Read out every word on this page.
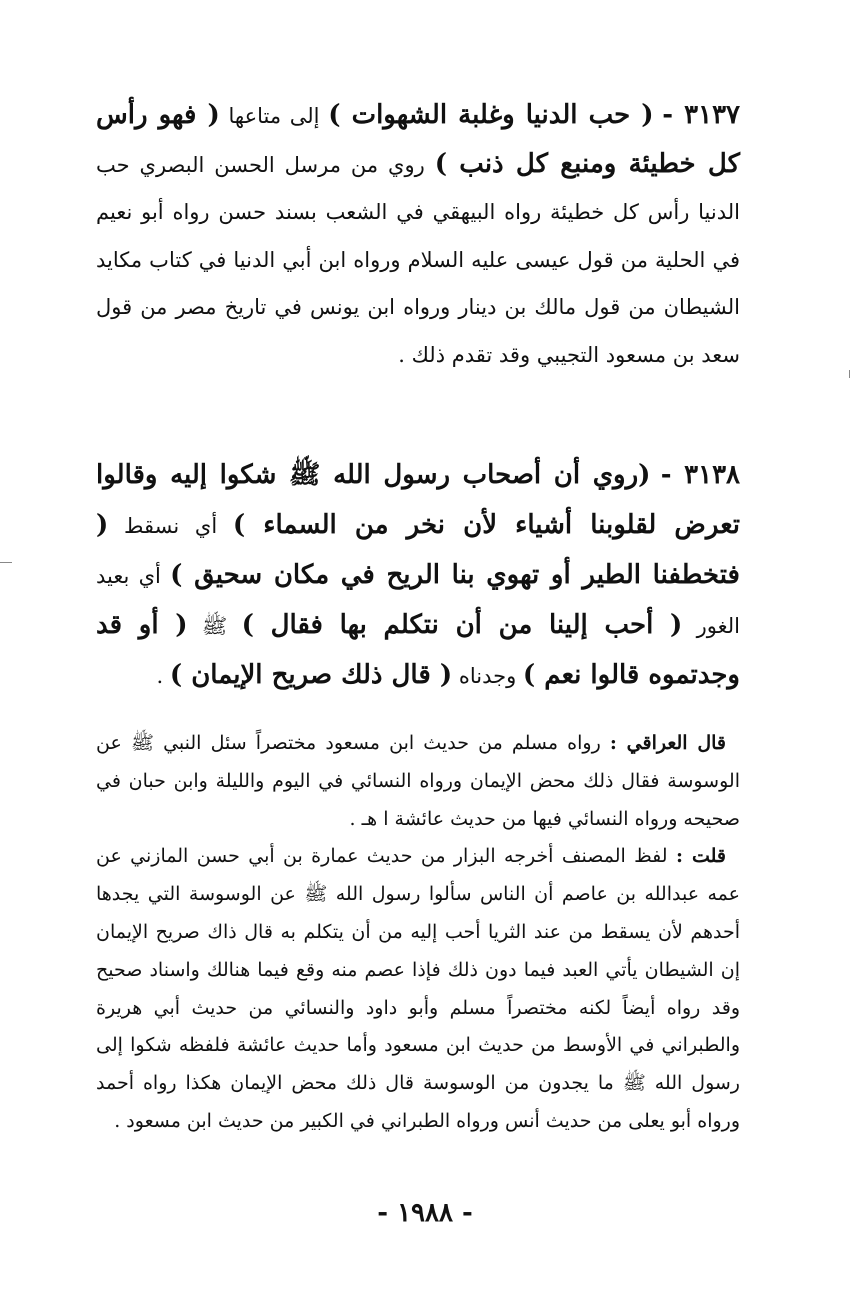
٣١٣٧ - ( حب الدنيا وغلبة الشهوات ) إلى متاعها ( فهو رأس كل خطيئة ومنبع كل ذنب ) روي من مرسل الحسن البصري حب الدنيا رأس كل خطيئة رواه البيهقي في الشعب بسند حسن رواه أبو نعيم في الحلية من قول عيسى عليه السلام ورواه ابن أبي الدنيا في كتاب مكايد الشيطان من قول مالك بن دينار ورواه ابن يونس في تاريخ مصر من قول سعد بن مسعود التجيبي وقد تقدم ذلك .

٣١٣٨ - (روي أن أصحاب رسول الله ﷺ شكوا إليه وقالوا تعرض لقلوبنا أشياء لأن نخر من السماء ) أي نسقط ( فتخطفنا الطير أو تهوي بنا الريح في مكان سحيق ) أي بعيد الغور ( أحب إلينا من أن نتكلم بها فقال ) ﷺ ( أو قد وجدتموه قالوا نعم ) وجدناه ( قال ذلك صريح الإيمان ) .

قال العراقي : رواه مسلم من حديث ابن مسعود مختصراً سئل النبي ﷺ عن الوسوسة فقال ذلك محض الإيمان ورواه النسائي في اليوم والليلة وابن حبان في صحيحه ورواه النسائي فيها من حديث عائشة ا هـ .

قلت : لفظ المصنف أخرجه البزار من حديث عمارة بن أبي حسن المازني عن عمه عبدالله بن عاصم أن الناس سألوا رسول الله ﷺ عن الوسوسة التي يجدها أحدهم لأن يسقط من عند الثريا أحب إليه من أن يتكلم به قال ذاك صريح الإيمان إن الشيطان يأتي العبد فيما دون ذلك فإذا عصم منه وقع فيما هنالك واسناد صحيح وقد رواه أيضاً لكنه مختصراً مسلم وأبو داود والنسائي من حديث أبي هريرة والطبراني في الأوسط من حديث ابن مسعود وأما حديث عائشة فلفظه شكوا إلى رسول الله ﷺ ما يجدون من الوسوسة قال ذلك محض الإيمان هكذا رواه أحمد ورواه أبو يعلى من حديث أنس ورواه الطبراني في الكبير من حديث ابن مسعود .

- ١٩٨٨ -
